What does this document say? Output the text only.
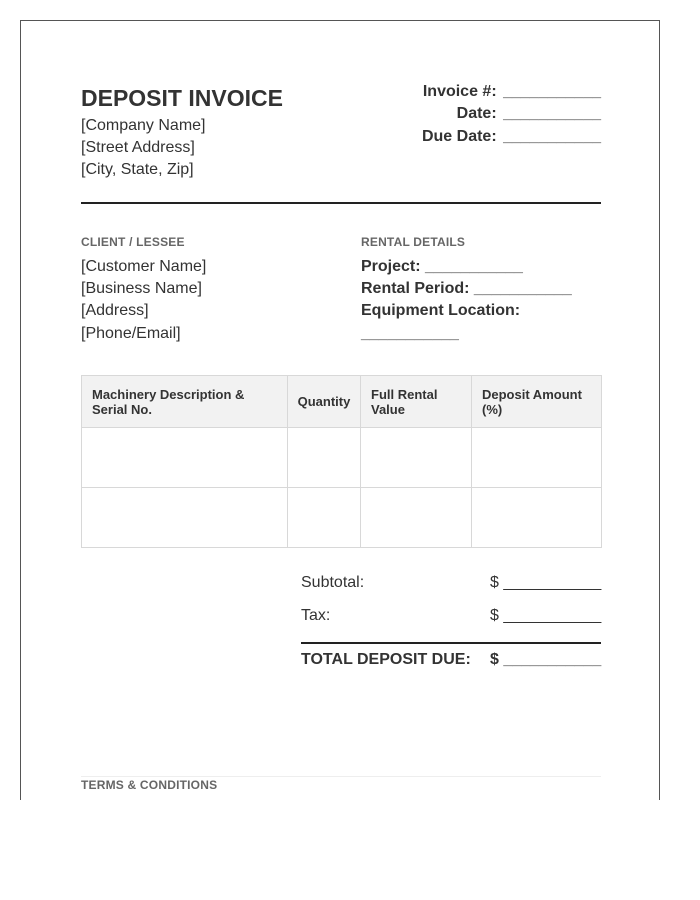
DEPOSIT INVOICE
[Company Name]
[Street Address]
[City, State, Zip]
Invoice #: ___________
Date: ___________
Due Date: ___________
CLIENT / LESSEE
[Customer Name]
[Business Name]
[Address]
[Phone/Email]
RENTAL DETAILS
Project: ___________
Rental Period: ___________
Equipment Location:
___________
Machinery Description & Serial No.	Quantity	Full Rental Value	Deposit Amount (%)

Subtotal:	$ ___________
Tax:	$ ___________
TOTAL DEPOSIT DUE: $ ___________
TERMS & CONDITIONS
